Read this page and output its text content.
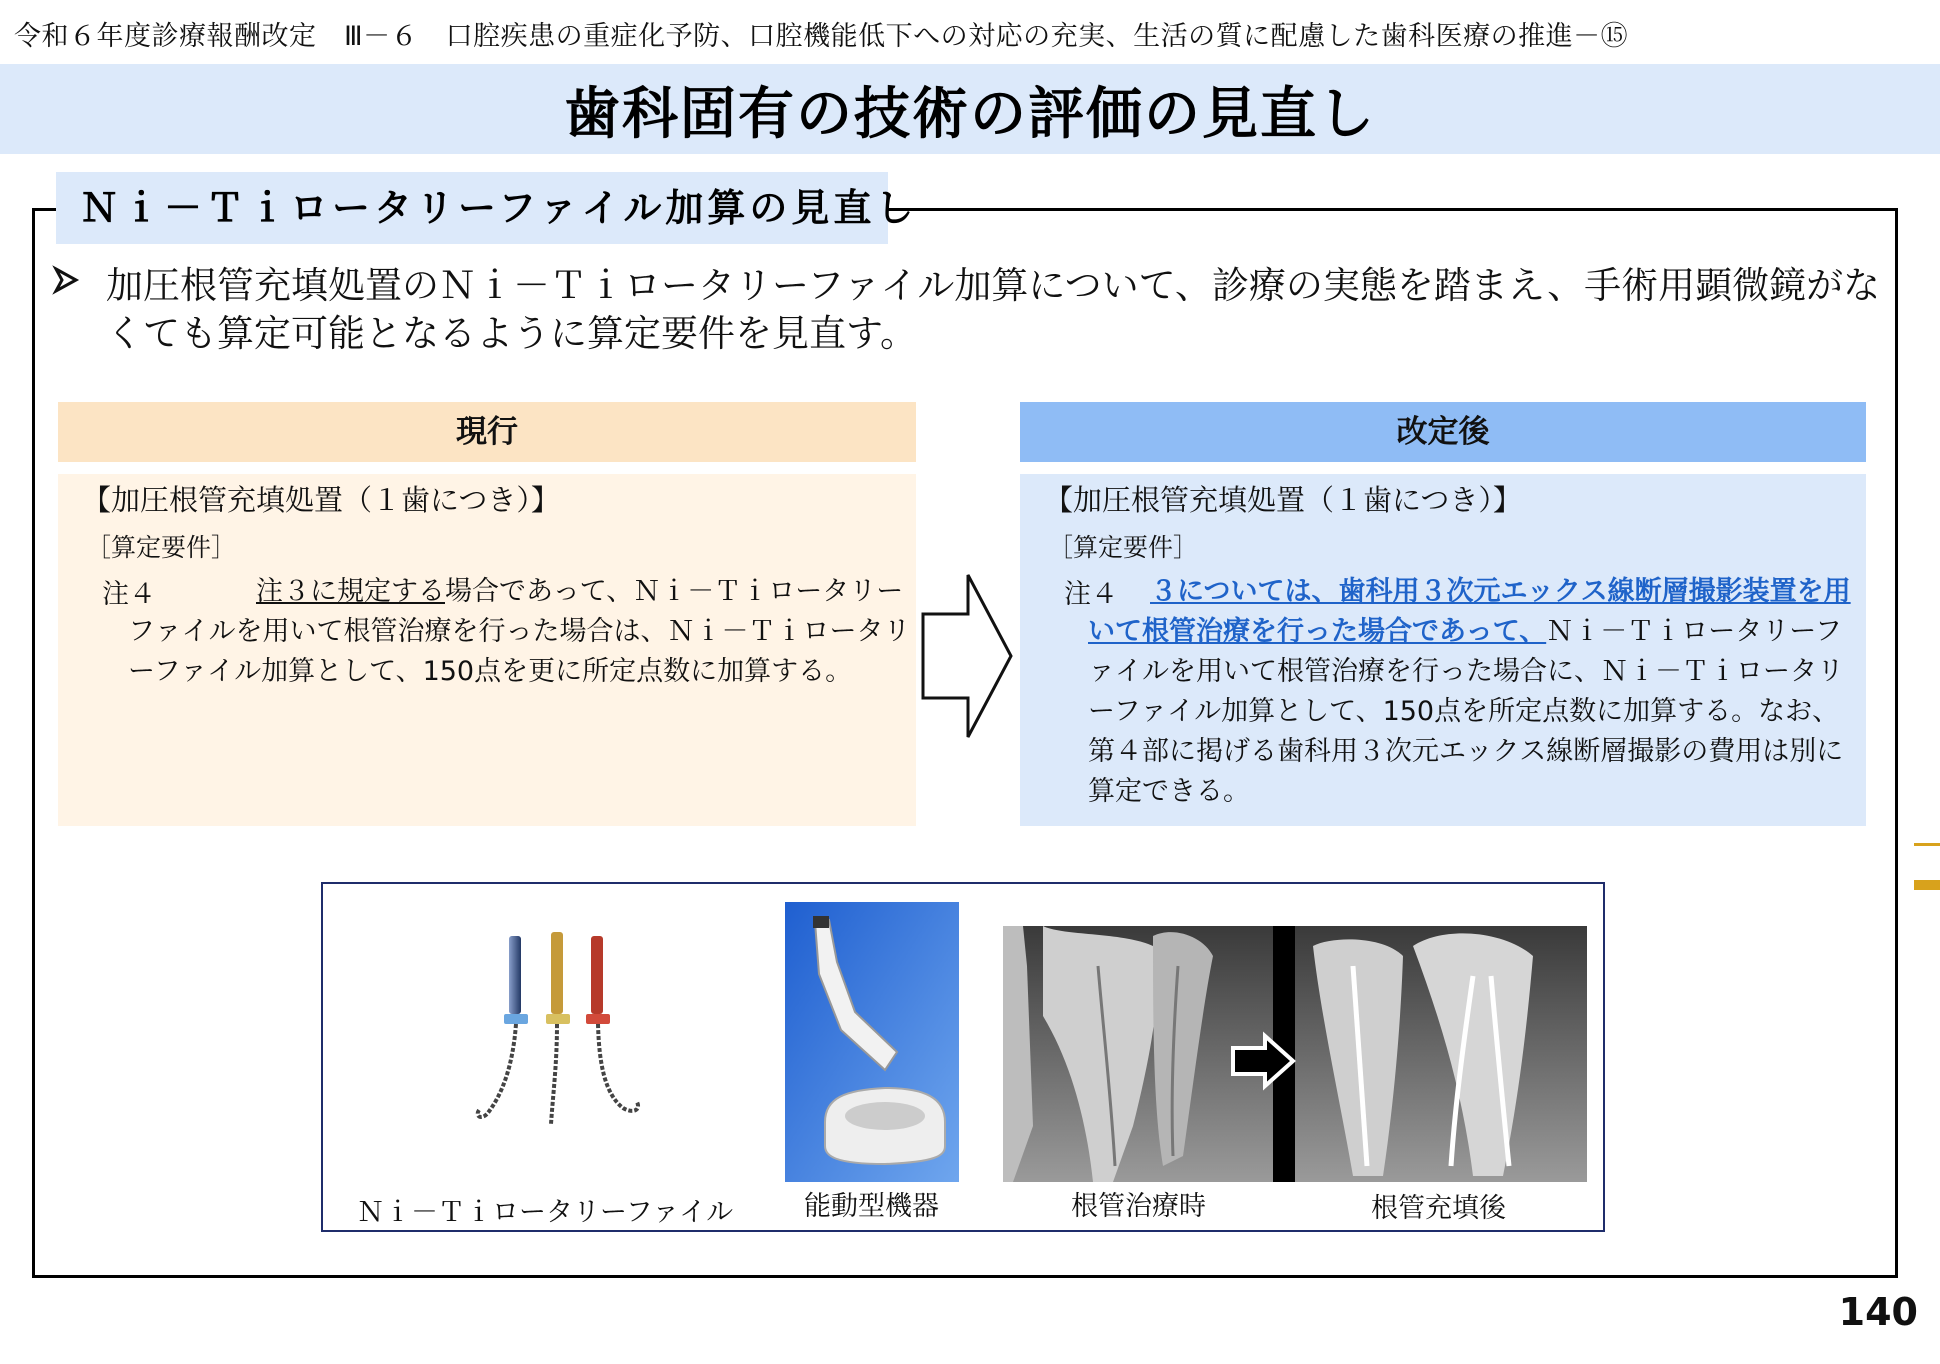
令和６年度診療報酬改定　Ⅲ－６　口腔疾患の重症化予防、口腔機能低下への対応の充実、生活の質に配慮した歯科医療の推進－⑮
歯科固有の技術の評価の見直し
Ｎｉ－Ｔｉロータリーファイル加算の見直し
加圧根管充填処置のＮｉ－Ｔｉロータリーファイル加算について、診療の実態を踏まえ、手術用顕微鏡がなくても算定可能となるように算定要件を見直す。
現行
【加圧根管充填処置（１歯につき）】
［算定要件］
注４	注３に規定する場合であって、Ｎｉ－Ｔｉロータリーファイルを用いて根管治療を行った場合は、Ｎｉ－Ｔｉロータリーファイル加算として、150点を更に所定点数に加算する。
改定後
【加圧根管充填処置（１歯につき）】
［算定要件］
注４	３については、歯科用３次元エックス線断層撮影装置を用いて根管治療を行った場合であって、Ｎｉ－Ｔｉロータリーファイルを用いて根管治療を行った場合に、Ｎｉ－Ｔｉロータリーファイル加算として、150点を所定点数に加算する。なお、第４部に掲げる歯科用３次元エックス線断層撮影の費用は別に算定できる。
Ｎｉ－Ｔｉロータリーファイル	能動型機器	根管治療時	根管充填後
140
